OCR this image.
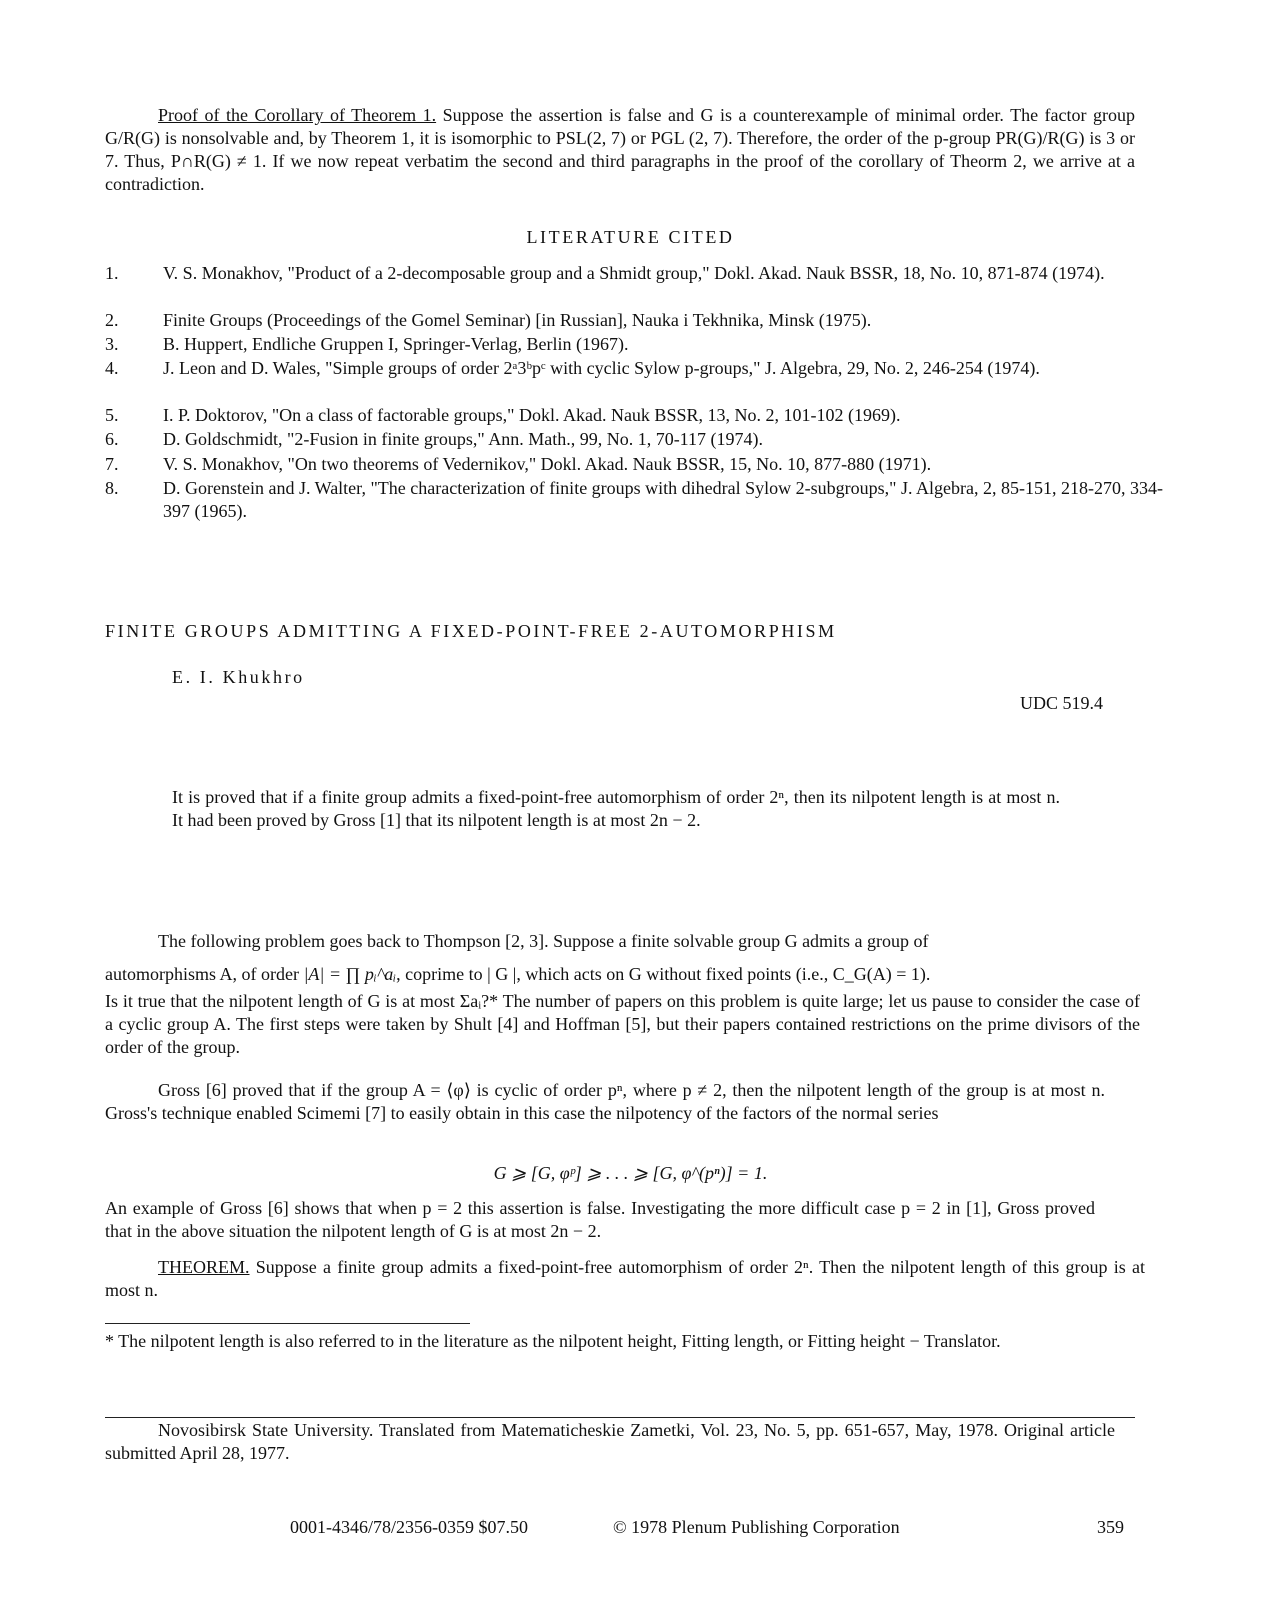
Proof of the Corollary of Theorem 1. Suppose the assertion is false and G is a counterexample of minimal order. The factor group G/R(G) is nonsolvable and, by Theorem 1, it is isomorphic to PSL(2, 7) or PGL (2, 7). Therefore, the order of the p-group PR(G)/R(G) is 3 or 7. Thus, P∩R(G) ≠ 1. If we now repeat verbatim the second and third paragraphs in the proof of the corollary of Theorm 2, we arrive at a contradiction.
LITERATURE CITED
1. V. S. Monakhov, "Product of a 2-decomposable group and a Shmidt group," Dokl. Akad. Nauk BSSR, 18, No. 10, 871-874 (1974).
2. Finite Groups (Proceedings of the Gomel Seminar) [in Russian], Nauka i Tekhnika, Minsk (1975).
3. B. Huppert, Endliche Gruppen I, Springer-Verlag, Berlin (1967).
4. J. Leon and D. Wales, "Simple groups of order 2ᵃ3ᵇpᶜ with cyclic Sylow p-groups," J. Algebra, 29, No. 2, 246-254 (1974).
5. I. P. Doktorov, "On a class of factorable groups," Dokl. Akad. Nauk BSSR, 13, No. 2, 101-102 (1969).
6. D. Goldschmidt, "2-Fusion in finite groups," Ann. Math., 99, No. 1, 70-117 (1974).
7. V. S. Monakhov, "On two theorems of Vedernikov," Dokl. Akad. Nauk BSSR, 15, No. 10, 877-880 (1971).
8. D. Gorenstein and J. Walter, "The characterization of finite groups with dihedral Sylow 2-subgroups," J. Algebra, 2, 85-151, 218-270, 334-397 (1965).
FINITE GROUPS ADMITTING A FIXED-POINT-FREE 2-AUTOMORPHISM
E. I. Khukhro
UDC 519.4
It is proved that if a finite group admits a fixed-point-free automorphism of order 2ⁿ, then its nilpotent length is at most n. It had been proved by Gross [1] that its nilpotent length is at most 2n − 2.

The following problem goes back to Thompson [2, 3]. Suppose a finite solvable group G admits a group of

automorphisms A, of order |A| = ∏ pᵢ^aᵢ, coprime to | G |, which acts on G without fixed points (i.e., C_G(A) = 1).

Is it true that the nilpotent length of G is at most Σaᵢ?* The number of papers on this problem is quite large; let us pause to consider the case of a cyclic group A. The first steps were taken by Shult [4] and Hoffman [5], but their papers contained restrictions on the prime divisors of the order of the group.

Gross [6] proved that if the group A = ⟨φ⟩ is cyclic of order pⁿ, where p ≠ 2, then the nilpotent length of the group is at most n. Gross's technique enabled Scimemi [7] to easily obtain in this case the nilpotency of the factors of the normal series
G ⩾ [G, φᵖ] ⩾ . . . ⩾ [G, φ^(pⁿ)] = 1.
An example of Gross [6] shows that when p = 2 this assertion is false. Investigating the more difficult case p = 2 in [1], Gross proved that in the above situation the nilpotent length of G is at most 2n − 2.
THEOREM. Suppose a finite group admits a fixed-point-free automorphism of order 2ⁿ. Then the nilpotent length of this group is at most n.
* The nilpotent length is also referred to in the literature as the nilpotent height, Fitting length, or Fitting height − Translator.
Novosibirsk State University. Translated from Matematicheskie Zametki, Vol. 23, No. 5, pp. 651-657, May, 1978. Original article submitted April 28, 1977.
0001-4346/78/2356-0359 $07.50	© 1978 Plenum Publishing Corporation	359
